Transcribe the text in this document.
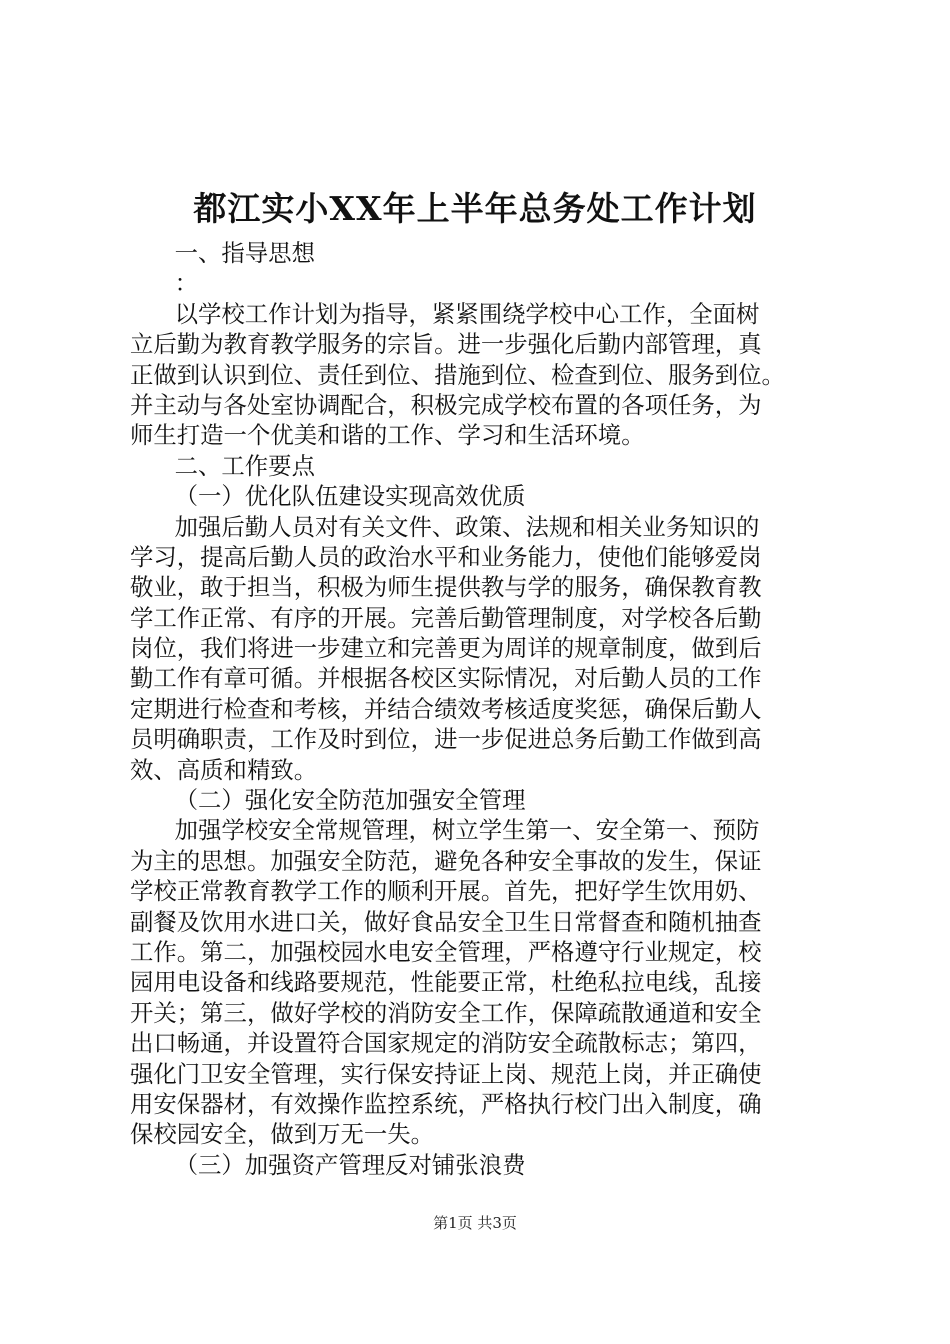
都江实小XX年上半年总务处工作计划
一、指导思想
：
以学校工作计划为指导，紧紧围绕学校中心工作，全面树
立后勤为教育教学服务的宗旨。进一步强化后勤内部管理，真
正做到认识到位、责任到位、措施到位、检查到位、服务到位。
并主动与各处室协调配合，积极完成学校布置的各项任务，为
师生打造一个优美和谐的工作、学习和生活环境。
二、工作要点
（一）优化队伍建设实现高效优质
加强后勤人员对有关文件、政策、法规和相关业务知识的
学习，提高后勤人员的政治水平和业务能力，使他们能够爱岗
敬业，敢于担当，积极为师生提供教与学的服务，确保教育教
学工作正常、有序的开展。完善后勤管理制度，对学校各后勤
岗位，我们将进一步建立和完善更为周详的规章制度，做到后
勤工作有章可循。并根据各校区实际情况，对后勤人员的工作
定期进行检查和考核，并结合绩效考核适度奖惩，确保后勤人
员明确职责，工作及时到位，进一步促进总务后勤工作做到高
效、高质和精致。
（二）强化安全防范加强安全管理
加强学校安全常规管理，树立学生第一、安全第一、预防
为主的思想。加强安全防范，避免各种安全事故的发生，保证
学校正常教育教学工作的顺利开展。首先，把好学生饮用奶、
副餐及饮用水进口关，做好食品安全卫生日常督查和随机抽查
工作。第二，加强校园水电安全管理，严格遵守行业规定，校
园用电设备和线路要规范，性能要正常，杜绝私拉电线，乱接
开关；第三，做好学校的消防安全工作，保障疏散通道和安全
出口畅通，并设置符合国家规定的消防安全疏散标志；第四，
强化门卫安全管理，实行保安持证上岗、规范上岗，并正确使
用安保器材，有效操作监控系统，严格执行校门出入制度，确
保校园安全，做到万无一失。
（三）加强资产管理反对铺张浪费
第1页 共3页
